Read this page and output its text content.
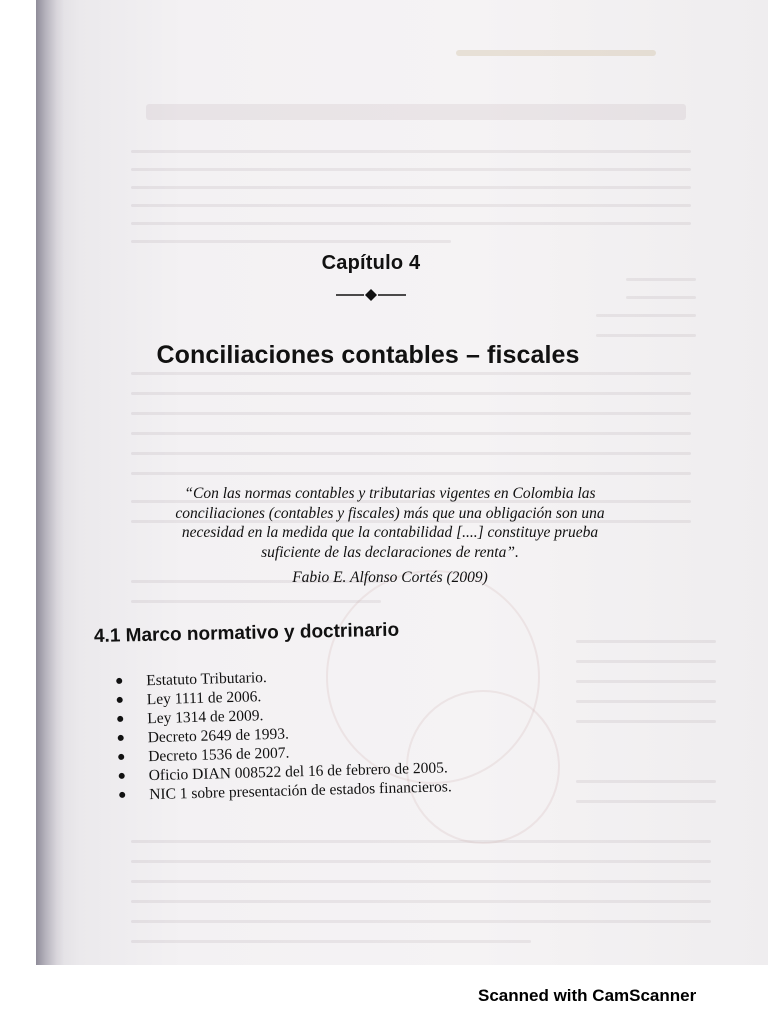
Capítulo 4
Conciliaciones contables – fiscales
“Con las normas contables y tributarias vigentes en Colombia las
conciliaciones (contables y fiscales) más que una obligación son una
necesidad en la medida que la contabilidad [....] constituye prueba
suficiente de las declaraciones de renta”.
Fabio E. Alfonso Cortés (2009)
4.1 Marco normativo y doctrinario
Estatuto Tributario.
Ley 1111 de 2006.
Ley 1314 de 2009.
Decreto 2649 de 1993.
Decreto 1536 de 2007.
Oficio DIAN 008522 del 16 de febrero de 2005.
NIC 1 sobre presentación de estados financieros.
Scanned with CamScanner
